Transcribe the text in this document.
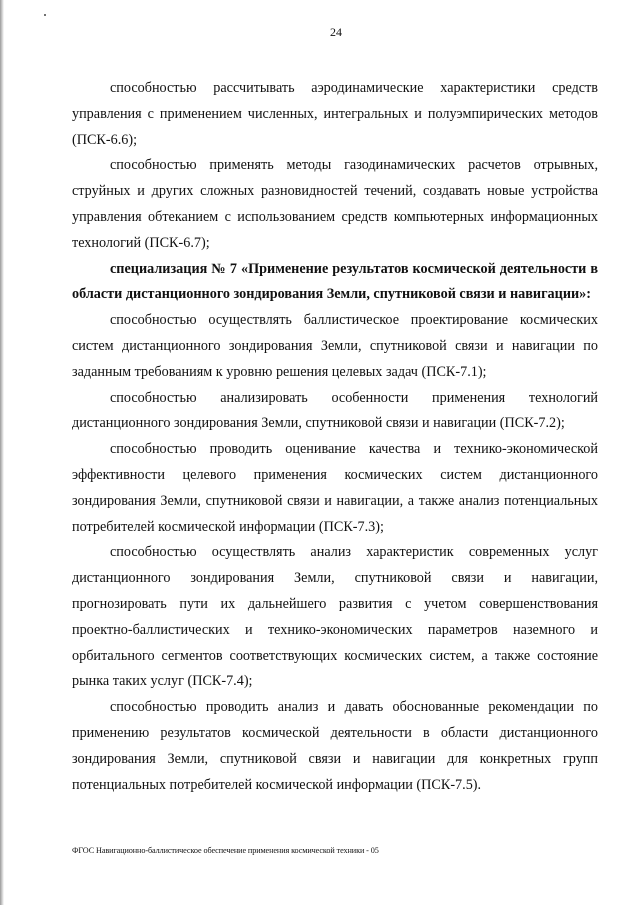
24

способностью рассчитывать аэродинамические характеристики средств управления с применением численных, интегральных и полуэмпирических методов (ПСК-6.6);

способностью применять методы газодинамических расчетов отрывных, струйных и других сложных разновидностей течений, создавать новые устройства управления обтеканием с использованием средств компьютерных информационных технологий (ПСК-6.7);

специализация № 7 «Применение результатов космической деятельности в области дистанционного зондирования Земли, спутниковой связи и навигации»:

способностью осуществлять баллистическое проектирование космических систем дистанционного зондирования Земли, спутниковой связи и навигации по заданным требованиям к уровню решения целевых задач (ПСК-7.1);

способностью анализировать особенности применения технологий дистанционного зондирования Земли, спутниковой связи и навигации (ПСК-7.2);

способностью проводить оценивание качества и технико-экономической эффективности целевого применения космических систем дистанционного зондирования Земли, спутниковой связи и навигации, а также анализ потенциальных потребителей космической информации (ПСК-7.3);

способностью осуществлять анализ характеристик современных услуг дистанционного зондирования Земли, спутниковой связи и навигации, прогнозировать пути их дальнейшего развития с учетом совершенствования проектно-баллистических и технико-экономических параметров наземного и орбитального сегментов соответствующих космических систем, а также состояние рынка таких услуг (ПСК-7.4);

способностью проводить анализ и давать обоснованные рекомендации по применению результатов космической деятельности в области дистанционного зондирования Земли, спутниковой связи и навигации для конкретных групп потенциальных потребителей космической информации (ПСК-7.5).

ФГОС Навигационно-баллистическое обеспечение применения космической техники - 05
